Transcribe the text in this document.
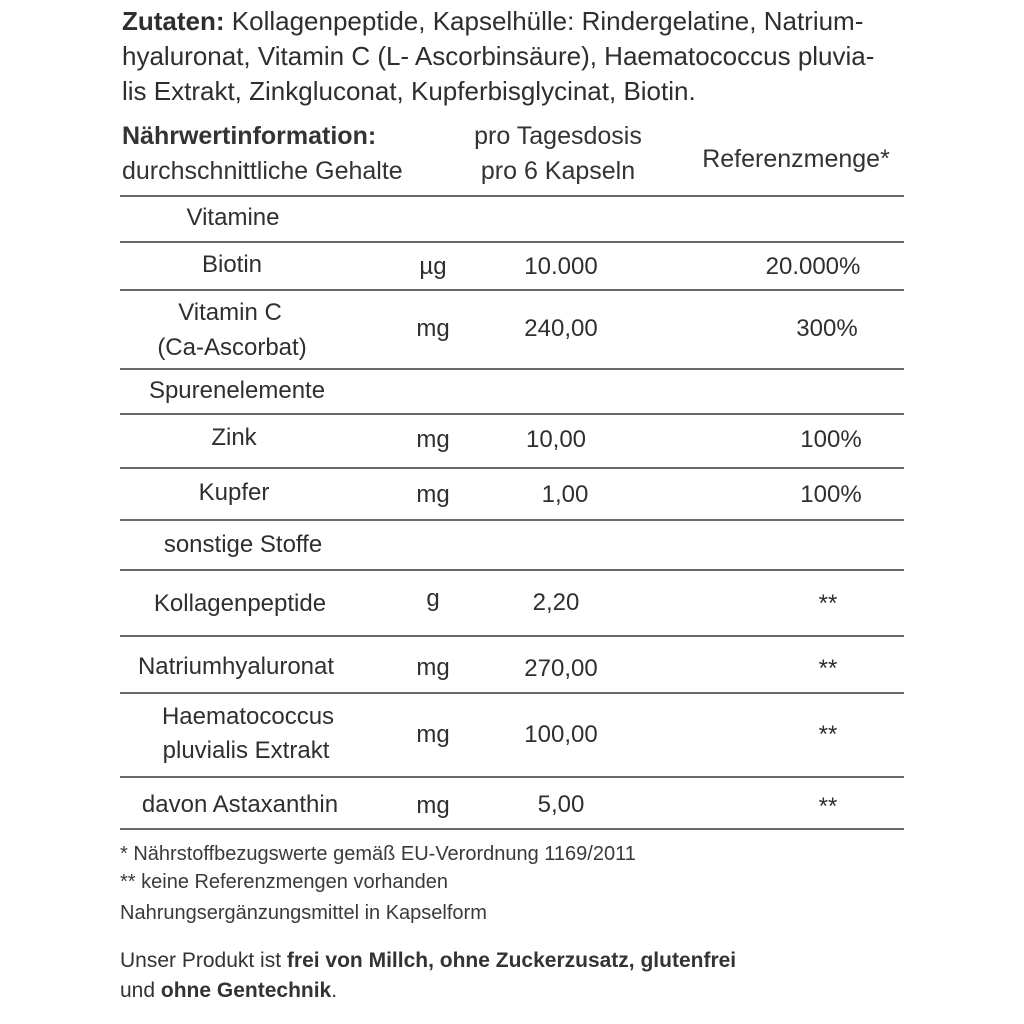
Zutaten: Kollagenpeptide, Kapselhülle: Rindergelatine, Natrium-
hyaluronat, Vitamin C (L- Ascorbinsäure), Haematococcus pluvia-
lis Extrakt, Zinkgluconat, Kupferbisglycinat, Biotin.
Nährwertinformation:
durchschnittliche Gehalte
pro Tagesdosis
pro 6 Kapseln	Referenzmenge*
Vitamine
Biotin	µg	10.000	20.000%
Vitamin C
(Ca-Ascorbat)
mg	240,00	300%
Spurenelemente
Zink	mg	10,00	100%
Kupfer	mg	1,00	100%
sonstige Stoffe
Kollagenpeptide	g	2,20	**
Natriumhyaluronat	mg	270,00	**
Haematococcus
pluvialis Extrakt
mg	100,00	**
davon Astaxanthin	mg	5,00	**
* Nährstoffbezugswerte gemäß EU-Verordnung 1169/2011
** keine Referenzmengen vorhanden
Nahrungsergänzungsmittel in Kapselform
Unser Produkt ist frei von Millch, ohne Zuckerzusatz, glutenfrei
und ohne Gentechnik.
